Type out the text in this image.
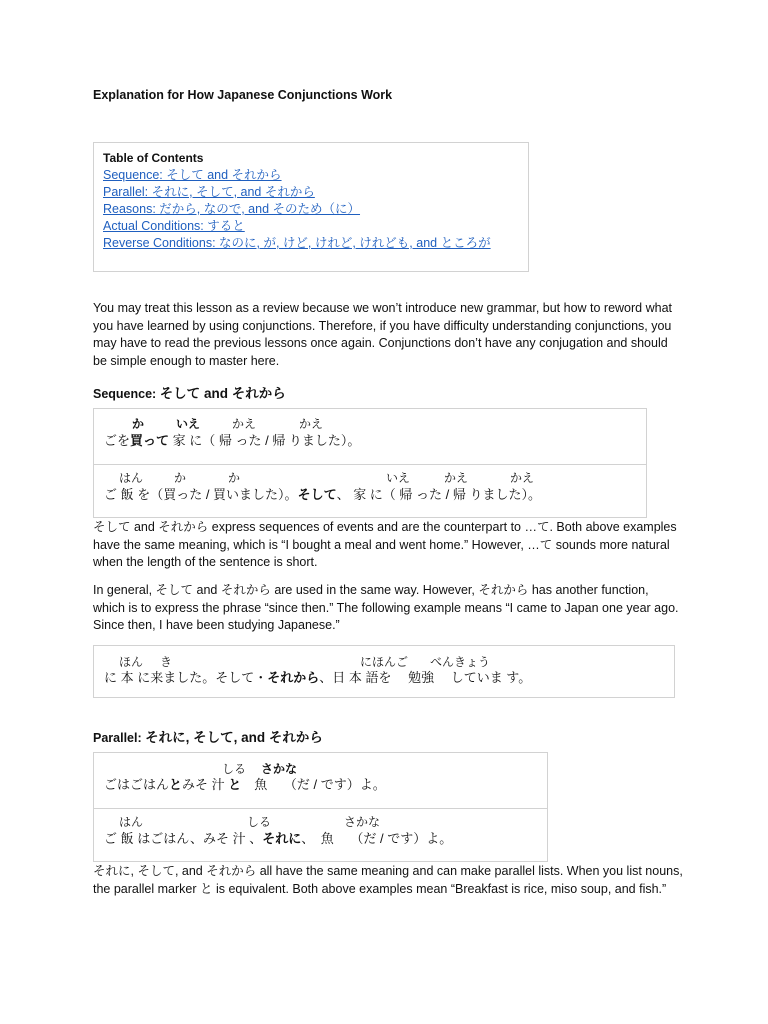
Explanation for How Japanese Conjunctions Work
Table of Contents
Sequence: そして and それから
Parallel: それに, そして, and それから
Reasons: だから, なので, and そのため（に）
Actual Conditions: すると
Reverse Conditions: なのに, が, けど, けれど, けれども, and ところが

You may treat this lesson as a review because we won’t introduce new grammar, but how to reword what you have learned by using conjunctions. Therefore, if you have difficulty understanding conjunctions, you may have to read the previous lessons once again. Conjunctions don’t have any conjugation and should be simple enough to master here.

Sequence: そして and それから
か	いえ	かえ	かえ
ごを買って 家 に（ 帰 った / 帰 りました）。
はん	か	か	いえ	かえ	かえ
ご 飯 を（買った / 買いました）。そして、 家 に（ 帰 った / 帰 りました）。

そして and それから express sequences of events and are the counterpart to …て. Both above examples have the same meaning, which is “I bought a meal and went home.” However, …て sounds more natural when the length of the sentence is short.

In general, そして and それから are used in the same way. However, それから has another function, which is to express the phrase “since then.” The following example means “I came to Japan one year ago. Since then, I have been studying Japanese.”

ほん き	にほんご べんきょう
に 本 に来ました。そして・それから、日 本 語を　 勉強 　していま す。
Parallel: それに, そして, and それから
しる さかな
ごはごはんとみそ 汁 と　魚　 （だ / です）よ。
はん	しる	さかな
ご 飯 はごはん、みそ 汁 、それに、　魚　 （だ / です）よ。

それに, そして, and それから all have the same meaning and can make parallel lists. When you list nouns, the parallel marker と is equivalent. Both above examples mean “Breakfast is rice, miso soup, and fish.”
